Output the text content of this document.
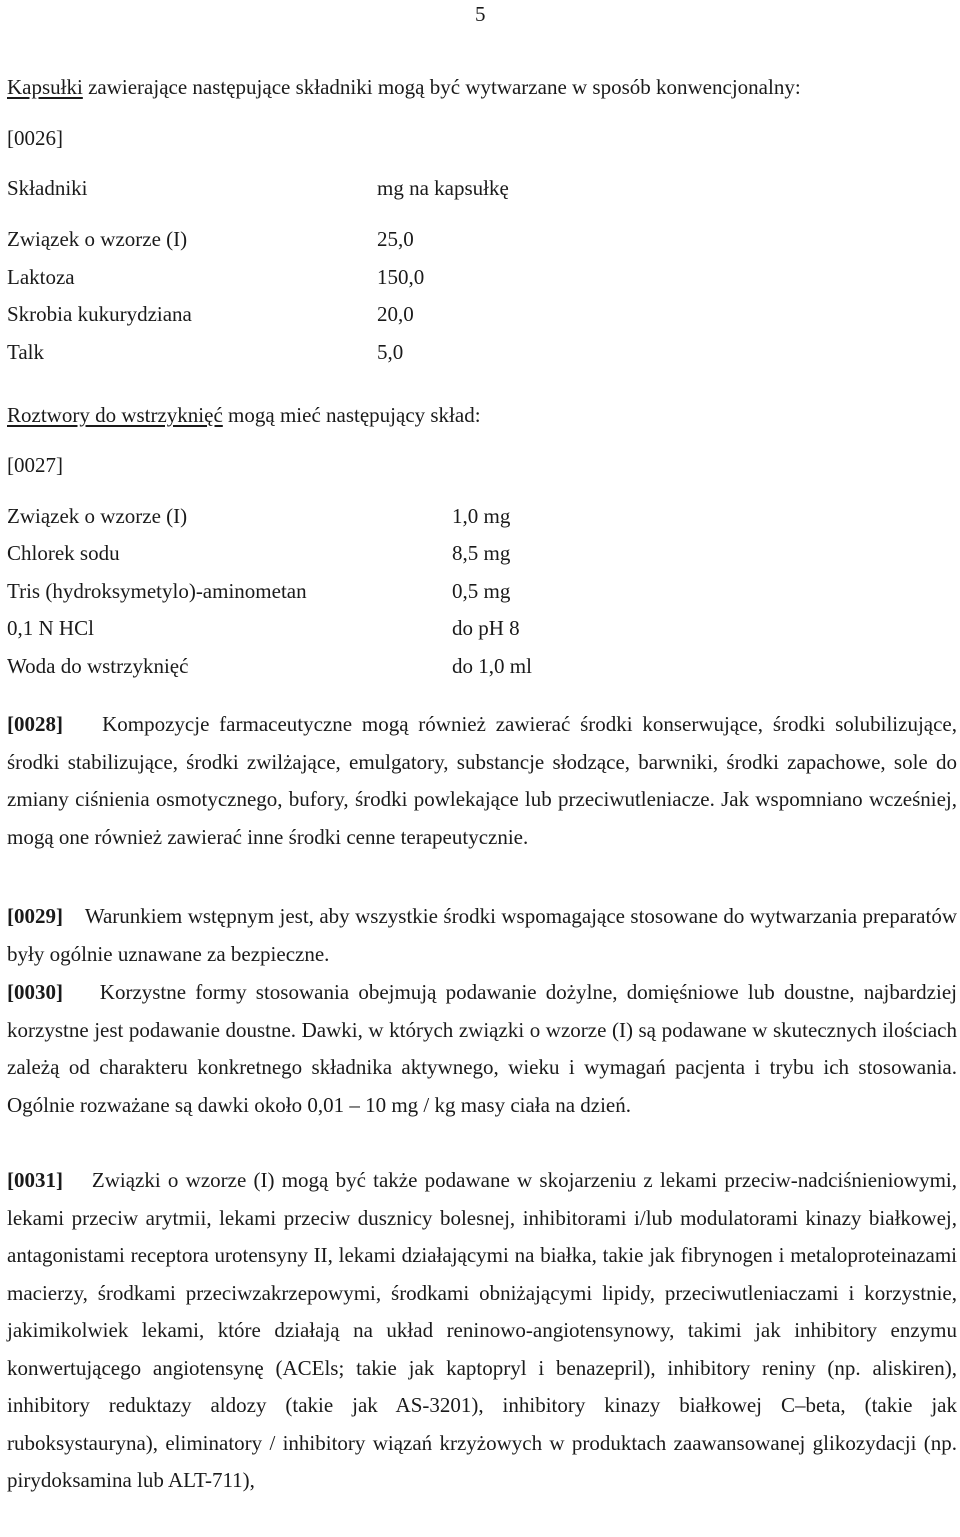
5
Kapsułki zawierające następujące składniki mogą być wytwarzane w sposób konwencjonalny:
[0026]
Składniki	mg na kapsułkę
Związek o wzorze (I)	25,0
Laktoza	150,0
Skrobia kukurydziana	20,0
Talk	5,0
Roztwory do wstrzyknięć mogą mieć następujący skład:
[0027]
Związek o wzorze (I)	1,0 mg
Chlorek sodu	8,5 mg
Tris (hydroksymetylo)-aminometan	0,5 mg
0,1 N HCl	do pH 8
Woda do wstrzyknięć	do 1,0 ml
[0028] Kompozycje farmaceutyczne mogą również zawierać środki konserwujące, środki solubilizujące, środki stabilizujące, środki zwilżające, emulgatory, substancje słodzące, barwniki, środki zapachowe, sole do zmiany ciśnienia osmotycznego, bufory, środki powlekające lub przeciwutleniacze. Jak wspomniano wcześniej, mogą one również zawierać inne środki cenne terapeutycznie.
[0029] Warunkiem wstępnym jest, aby wszystkie środki wspomagające stosowane do wytwarzania preparatów były ogólnie uznawane za bezpieczne.
[0030] Korzystne formy stosowania obejmują podawanie dożylne, domięśniowe lub doustne, najbardziej korzystne jest podawanie doustne. Dawki, w których związki o wzorze (I) są podawane w skutecznych ilościach zależą od charakteru konkretnego składnika aktywnego, wieku i wymagań pacjenta i trybu ich stosowania. Ogólnie rozważane są dawki około 0,01 – 10 mg / kg masy ciała na dzień.
[0031] Związki o wzorze (I) mogą być także podawane w skojarzeniu z lekami przeciw-nadciśnieniowymi, lekami przeciw arytmii, lekami przeciw dusznicy bolesnej, inhibitorami i/lub modulatorami kinazy białkowej, antagonistami receptora urotensyny II, lekami działającymi na białka, takie jak fibrynogen i metaloproteinazami macierzy, środkami przeciwzakrzepowymi, środkami obniżającymi lipidy, przeciwutleniaczami i korzystnie, jakimikolwiek lekami, które działają na układ reninowo-angiotensynowy, takimi jak inhibitory enzymu konwertującego angiotensynę (ACEls; takie jak kaptopryl i benazepril), inhibitory reniny (np. aliskiren), inhibitory reduktazy aldozy (takie jak AS-3201), inhibitory kinazy białkowej C–beta, (takie jak ruboksystauryna), eliminatory / inhibitory wiązań krzyżowych w produktach zaawansowanej glikozydacji (np. pirydoksamina lub ALT-711),
